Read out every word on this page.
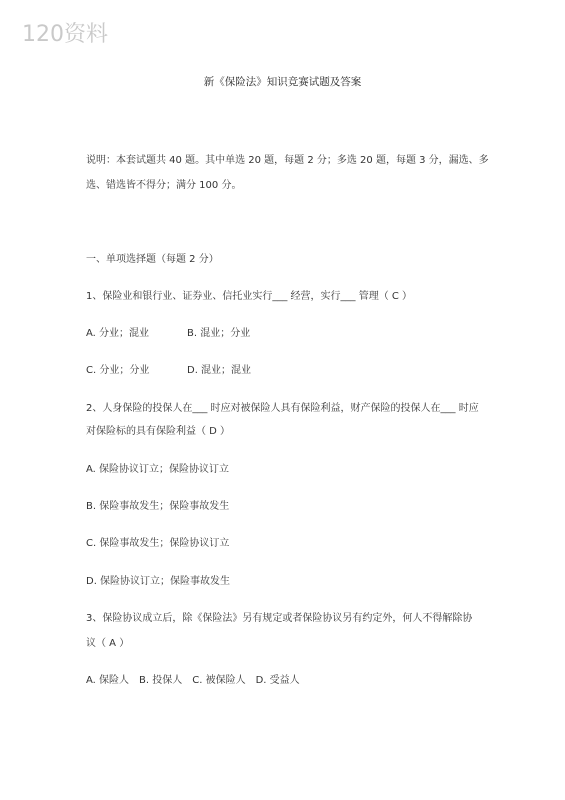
120资料
新《保险法》知识竞赛试题及答案
说明：本套试题共 40 题。其中单选 20 题，每题 2 分；多选 20 题，每题 3 分，漏选、多
选、错选皆不得分；满分 100 分。
一、单项选择题（每题 2 分）
1、保险业和银行业、证券业、信托业实行___ 经营，实行___ 管理（ C ）
A. 分业；混业	B. 混业；分业
C. 分业；分业	D. 混业；混业
2、人身保险的投保人在___ 时应对被保险人具有保险利益，财产保险的投保人在___ 时应
对保险标的具有保险利益（ D ）
A. 保险协议订立；保险协议订立
B. 保险事故发生；保险事故发生
C. 保险事故发生；保险协议订立
D. 保险协议订立；保险事故发生
3、保险协议成立后，除《保险法》另有规定或者保险协议另有约定外，何人不得解除协
议（ A ）
A. 保险人　B. 投保人　C. 被保险人　D. 受益人
